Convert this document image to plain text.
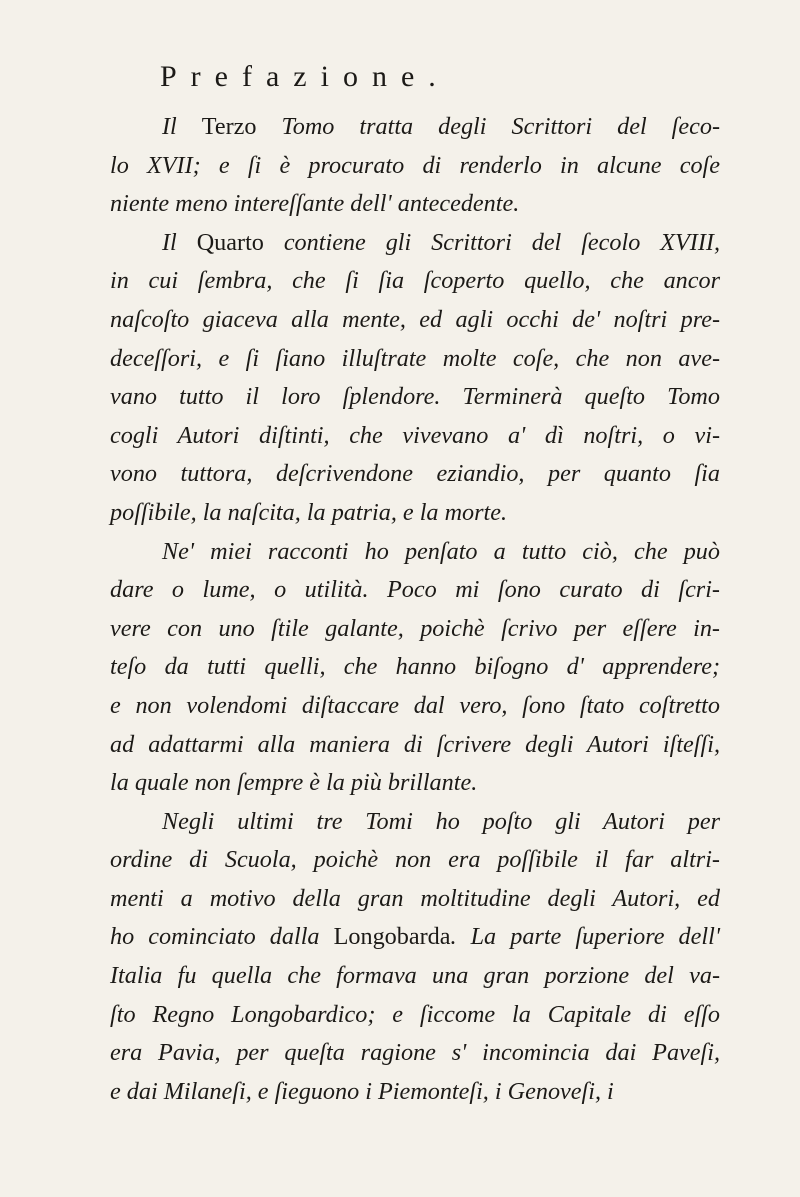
Prefazione.
Il Terzo Tomo tratta degli Scrittori del ſeco-
lo XVII; e ſi è procurato di renderlo in alcune coſe
niente meno intereſſante dell' antecedente.
Il Quarto contiene gli Scrittori del ſecolo XVIII,
in cui ſembra, che ſi ſia ſcoperto quello, che ancor
naſcoſto giaceva alla mente, ed agli occhi de' noſtri pre-
deceſſori, e ſi ſiano illuſtrate molte coſe, che non ave-
vano tutto il loro ſplendore. Terminerà queſto Tomo
cogli Autori diſtinti, che vivevano a' dì noſtri, o vi-
vono tuttora, deſcrivendone eziandio, per quanto ſia
poſſibile, la naſcita, la patria, e la morte.
Ne' miei racconti ho penſato a tutto ciò, che può
dare o lume, o utilità. Poco mi ſono curato di ſcri-
vere con uno ſtile galante, poichè ſcrivo per eſſere in-
teſo da tutti quelli, che hanno biſogno d' apprendere;
e non volendomi diſtaccare dal vero, ſono ſtato coſtretto
ad adattarmi alla maniera di ſcrivere degli Autori iſteſſi,
la quale non ſempre è la più brillante.
Negli ultimi tre Tomi ho poſto gli Autori per
ordine di Scuola, poichè non era poſſibile il far altri-
menti a motivo della gran moltitudine degli Autori, ed
ho cominciato dalla Longobarda. La parte ſuperiore dell'
Italia fu quella che formava una gran porzione del va-
ſto Regno Longobardico; e ſiccome la Capitale di eſſo
era Pavia, per queſta ragione s' incomincia dai Paveſi,
e dai Milaneſi, e ſieguono i Piemonteſi, i Genoveſi, i
